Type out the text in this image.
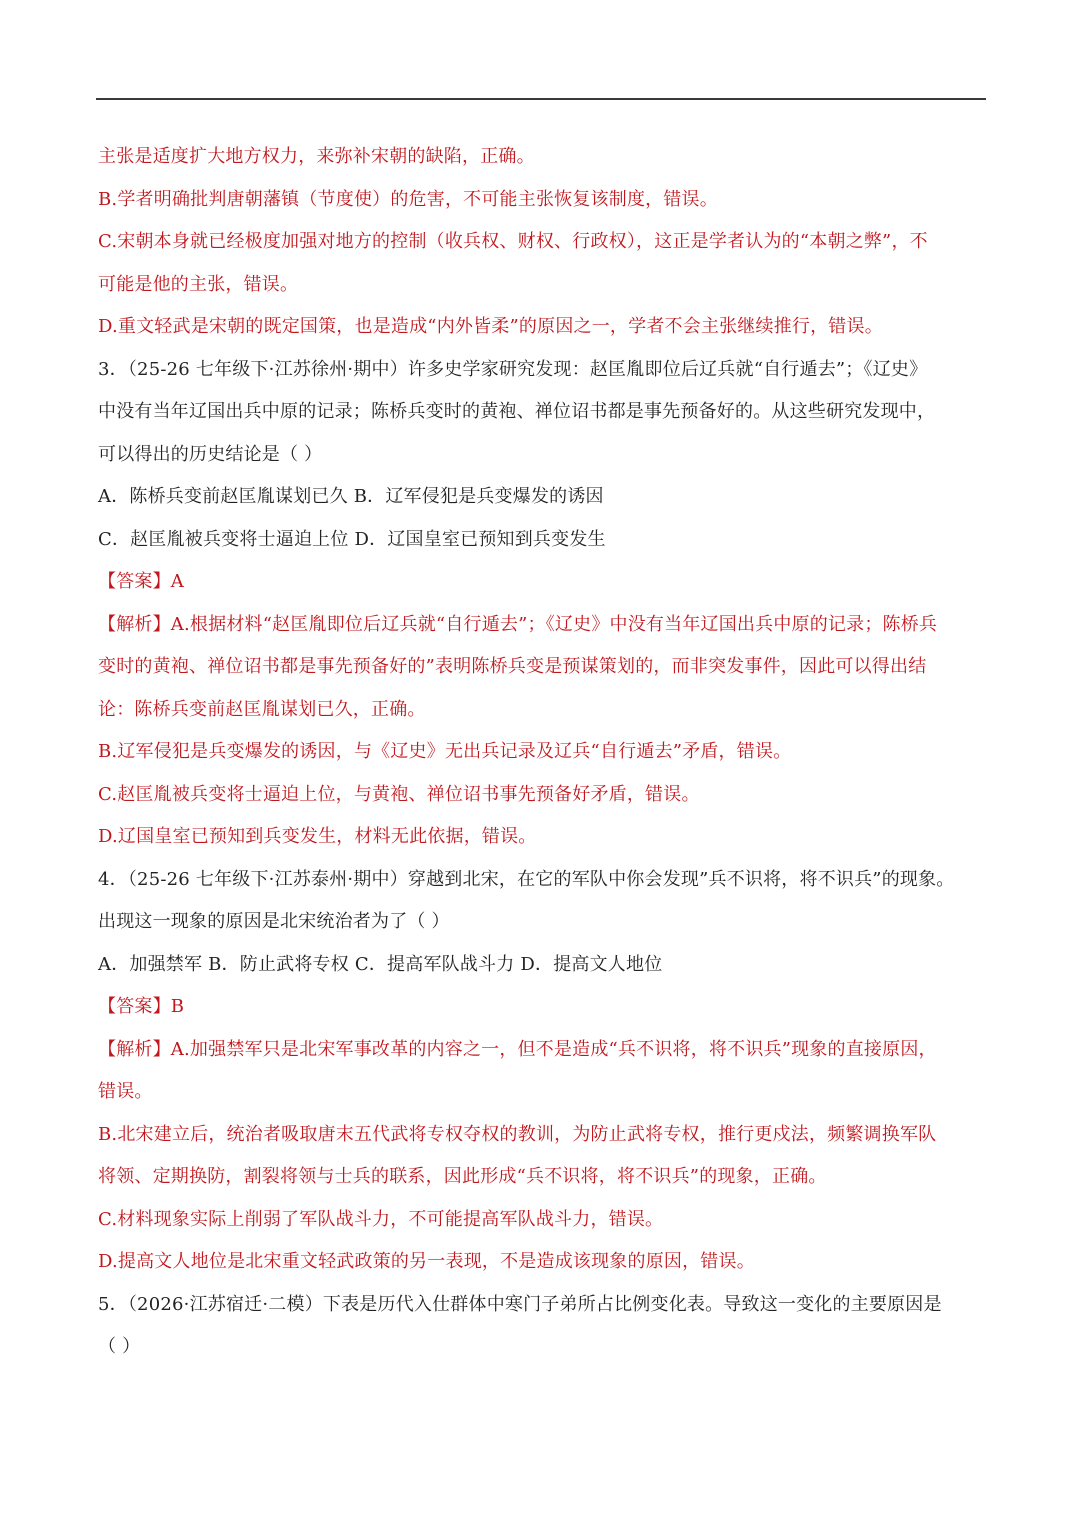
主张是适度扩大地方权力，来弥补宋朝的缺陷，正确。
B.学者明确批判唐朝藩镇（节度使）的危害，不可能主张恢复该制度，错误。
C.宋朝本身就已经极度加强对地方的控制（收兵权、财权、行政权），这正是学者认为的“本朝之弊”，不
可能是他的主张，错误。
D.重文轻武是宋朝的既定国策，也是造成“内外皆柔”的原因之一，学者不会主张继续推行，错误。
3．（25-26 七年级下·江苏徐州·期中）许多史学家研究发现：赵匡胤即位后辽兵就“自行遁去”；《辽史》
中没有当年辽国出兵中原的记录；陈桥兵变时的黄袍、禅位诏书都是事先预备好的。从这些研究发现中，
可以得出的历史结论是（ ）
A．陈桥兵变前赵匡胤谋划已久 B．辽军侵犯是兵变爆发的诱因
C．赵匡胤被兵变将士逼迫上位 D．辽国皇室已预知到兵变发生
【答案】A
【解析】A.根据材料“赵匡胤即位后辽兵就“自行遁去”；《辽史》中没有当年辽国出兵中原的记录；陈桥兵
变时的黄袍、禅位诏书都是事先预备好的”表明陈桥兵变是预谋策划的，而非突发事件，因此可以得出结
论：陈桥兵变前赵匡胤谋划已久，正确。
B.辽军侵犯是兵变爆发的诱因，与《辽史》无出兵记录及辽兵“自行遁去”矛盾，错误。
C.赵匡胤被兵变将士逼迫上位，与黄袍、禅位诏书事先预备好矛盾，错误。
D.辽国皇室已预知到兵变发生，材料无此依据，错误。
4．（25-26 七年级下·江苏泰州·期中）穿越到北宋，在它的军队中你会发现”兵不识将，将不识兵”的现象。
出现这一现象的原因是北宋统治者为了（ ）
A．加强禁军 B．防止武将专权 C．提高军队战斗力 D．提高文人地位
【答案】B
【解析】A.加强禁军只是北宋军事改革的内容之一，但不是造成“兵不识将，将不识兵”现象的直接原因，
错误。
B.北宋建立后，统治者吸取唐末五代武将专权夺权的教训，为防止武将专权，推行更戍法，频繁调换军队
将领、定期换防，割裂将领与士兵的联系，因此形成“兵不识将，将不识兵”的现象，正确。
C.材料现象实际上削弱了军队战斗力，不可能提高军队战斗力，错误。
D.提高文人地位是北宋重文轻武政策的另一表现，不是造成该现象的原因，错误。
5．（2026·江苏宿迁·二模）下表是历代入仕群体中寒门子弟所占比例变化表。导致这一变化的主要原因是
（ ）
